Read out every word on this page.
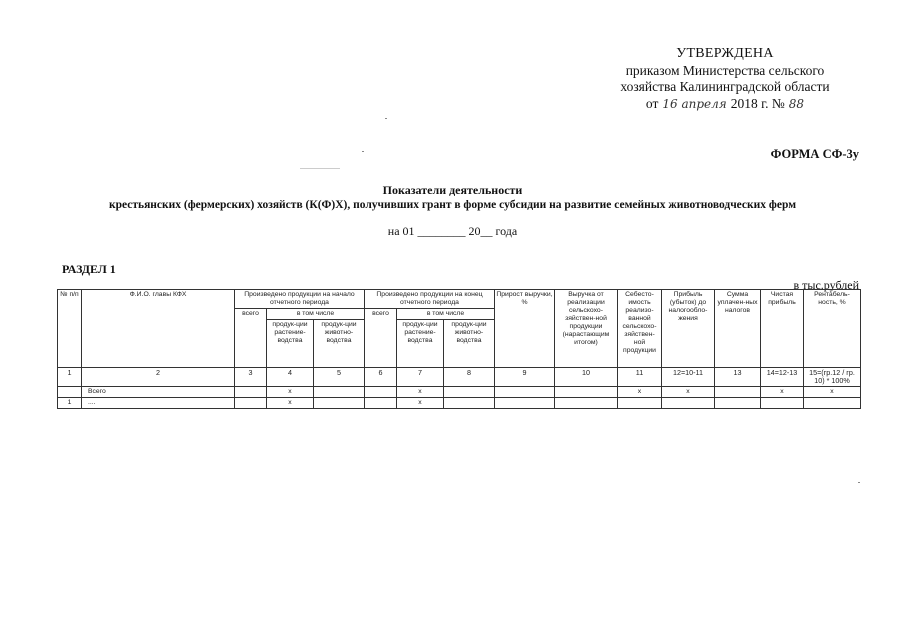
УТВЕРЖДЕНА
приказом Министерства сельского
хозяйства Калининградской области
от 16 апреля 2018 г. № 88
ФОРМА СФ-3у
Показатели деятельности
крестьянских (фермерских) хозяйств (К(Ф)Х), получивших грант в форме субсидии на развитие семейных животноводческих ферм
на 01 ________ 20__ года
РАЗДЕЛ 1
в тыс.рублей
№ п/п	Ф.И.О. главы КФХ	Произведено продукции на начало отчетного периода			Произведено продукции на конец отчетного периода			Прирост выручки, %	Выручка от реализации сельскохо-зяйствен-ной продукции (нарастающим итогом)	Себесто-имость реализо-ванной сельскохо-зяйствен-ной продукции	Прибыль (убыток) до налогообло-жения	Сумма уплачен-ных налогов	Чистая прибыль	Рентабель-ность, %
		всего	в том числе		всего	в том числе								
			продук-ции растение-водства	продук-ции животно-водства		продук-ции растение-водства	продук-ции животно-водства							
1	2	3	4	5	6	7	8	9	10	11	12=10-11	13	14=12-13	15=(гр.12 / гр. 10) * 100%
	Всего		x			x				x	x		x	x
1	....		x			x								
